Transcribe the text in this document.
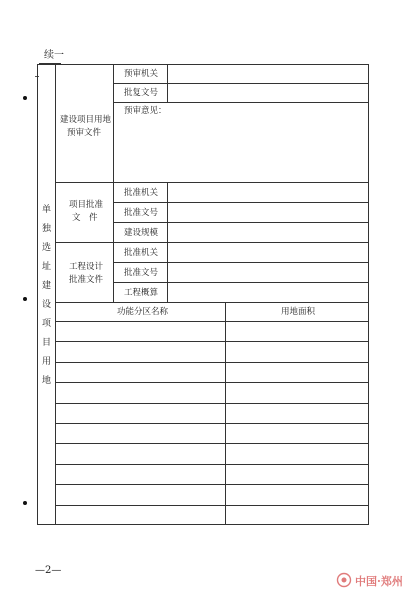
续一
单
独
选
址
建
设
项
目
用
地
建设项目用地
预审文件
预审机关
批复文号
预审意见：
项目批准
文　件
批准机关
批准文号
建设规模
工程设计
批准文件
批准机关
批准文号
工程概算
功能分区名称	用地面积
—2—
中国·郑州
